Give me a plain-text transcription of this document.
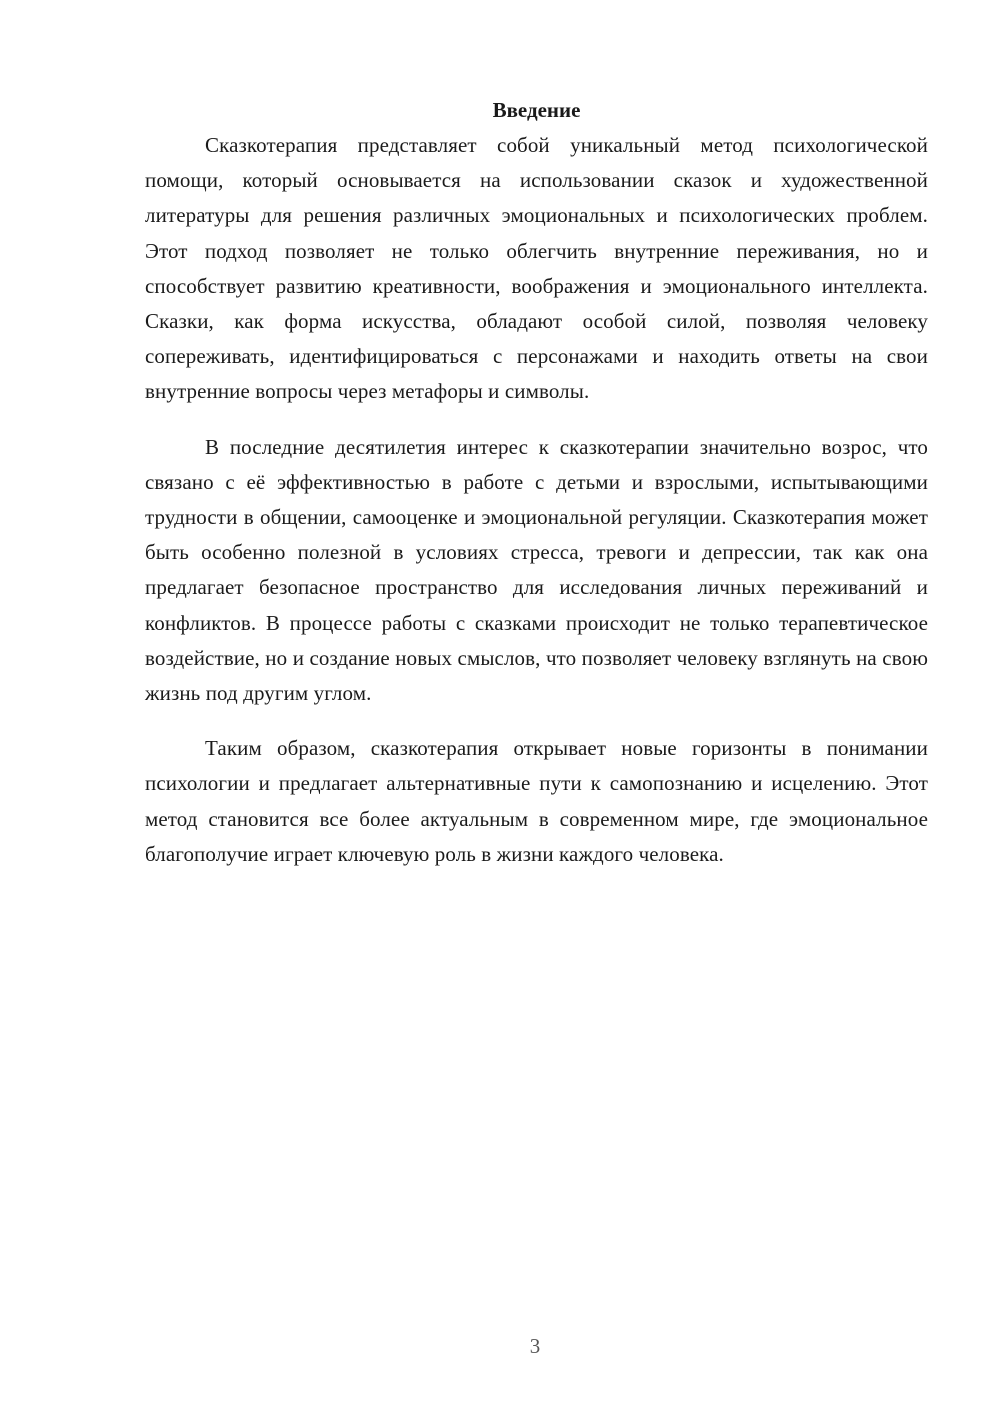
Введение

Сказкотерапия представляет собой уникальный метод психологической помощи, который основывается на использовании сказок и художественной литературы для решения различных эмоциональных и психологических проблем. Этот подход позволяет не только облегчить внутренние переживания, но и способствует развитию креативности, воображения и эмоционального интеллекта. Сказки, как форма искусства, обладают особой силой, позволяя человеку сопереживать, идентифицироваться с персонажами и находить ответы на свои внутренние вопросы через метафоры и символы.

В последние десятилетия интерес к сказкотерапии значительно возрос, что связано с её эффективностью в работе с детьми и взрослыми, испытывающими трудности в общении, самооценке и эмоциональной регуляции. Сказкотерапия может быть особенно полезной в условиях стресса, тревоги и депрессии, так как она предлагает безопасное пространство для исследования личных переживаний и конфликтов. В процессе работы с сказками происходит не только терапевтическое воздействие, но и создание новых смыслов, что позволяет человеку взглянуть на свою жизнь под другим углом.

Таким образом, сказкотерапия открывает новые горизонты в понимании психологии и предлагает альтернативные пути к самопознанию и исцелению. Этот метод становится все более актуальным в современном мире, где эмоциональное благополучие играет ключевую роль в жизни каждого человека.

3
